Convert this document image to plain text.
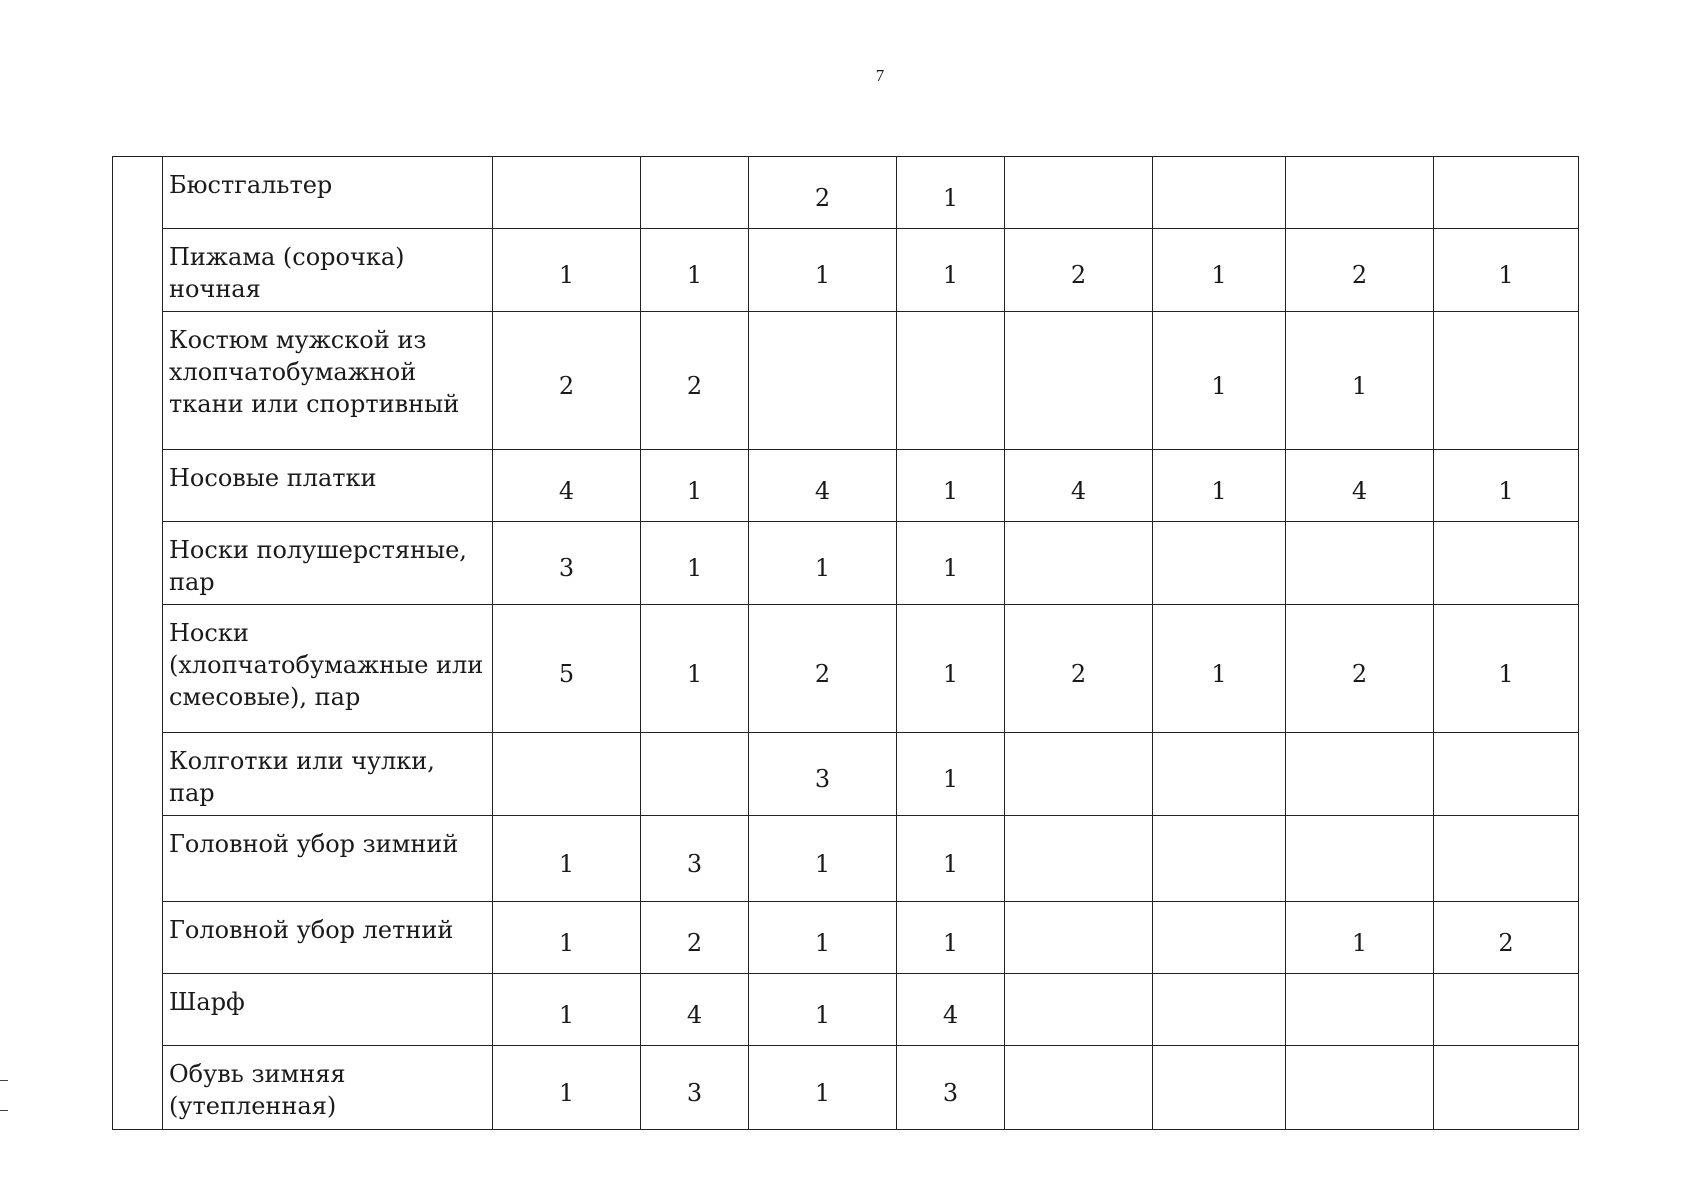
7
	Бюстгальтер			2	1				
	Пижама (сорочка) ночная	1	1	1	1	2	1	2	1
	Костюм мужской из хлопчатобумажной ткани или спортивный	2	2				1	1	
	Носовые платки	4	1	4	1	4	1	4	1
	Носки полушерстяные, пар	3	1	1	1				
	Носки (хлопчатобумажные или смесовые), пар	5	1	2	1	2	1	2	1
	Колготки или чулки, пар			3	1				
	Головной убор зимний	1	3	1	1				
	Головной убор летний	1	2	1	1			1	2
	Шарф	1	4	1	4				
	Обувь зимняя (утепленная)	1	3	1	3				
